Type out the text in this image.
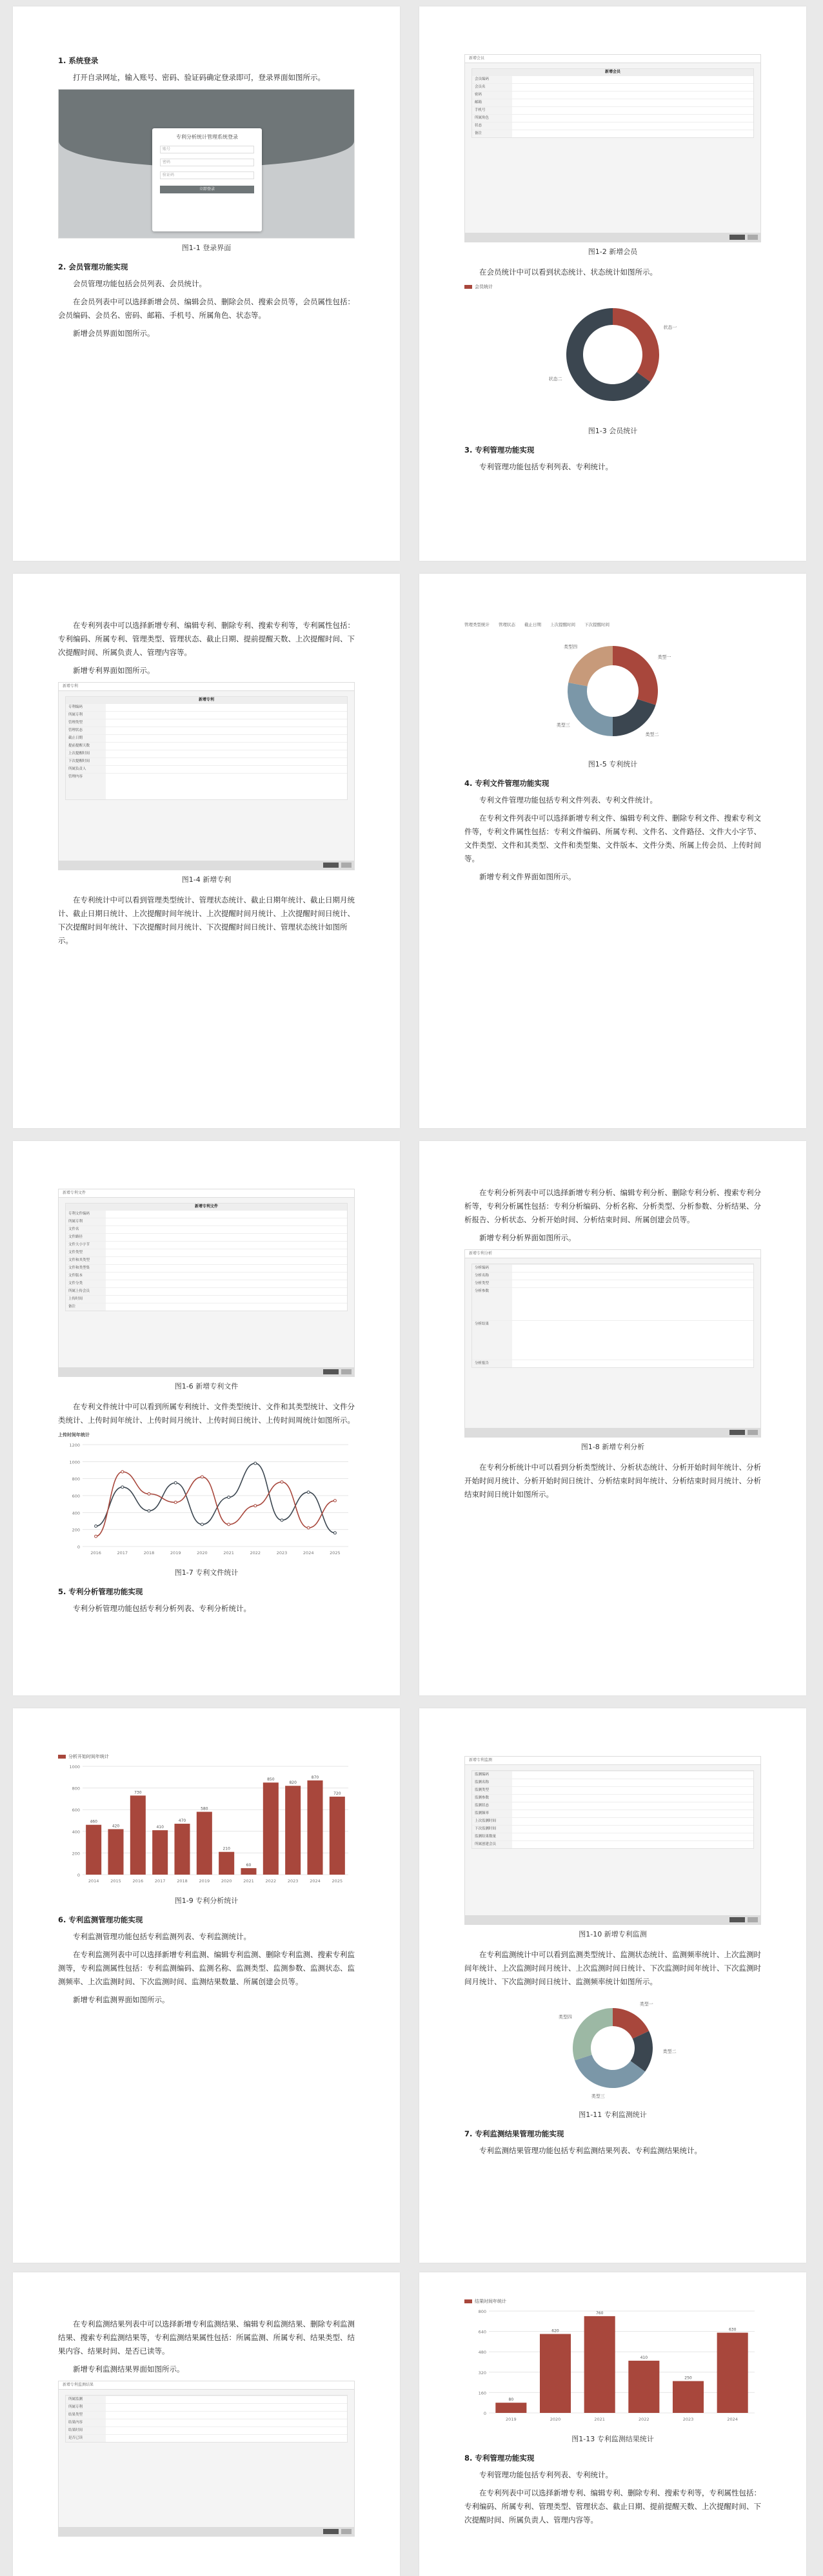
1. 系统登录

打开自录网址，输入账号、密码、验证码确定登录即可，登录界面如图所示。

专利分析统计管理系统登录
账号
密码
验证码
立即登录
图1-1 登录界面
2. 会员管理功能实现

会员管理功能包括会员列表、会员统计。

在会员列表中可以选择新增会员、编辑会员、删除会员、搜索会员等，会员属性包括：会员编码、会员名、密码、邮箱、手机号、所属角色、状态等。

新增会员界面如图所示。

新增会员
新增会员
会员编码
会员名
密码
邮箱
手机号
所属角色
状态
备注
图1-2 新增会员

在会员统计中可以看到状态统计、状态统计如图所示。

会员统计
状态一
状态二
图1-3 会员统计
3. 专利管理功能实现

专利管理功能包括专利列表、专利统计。

在专利列表中可以选择新增专利、编辑专利、删除专利、搜索专利等，专利属性包括：专利编码、所属专利、管理类型、管理状态、截止日期、提前提醒天数、上次提醒时间、下次提醒时间、所属负责人、管理内容等。

新增专利界面如图所示。

新增专利
新增专利
专利编码
所属专利
管理类型
管理状态
截止日期
提前提醒天数
上次提醒时间
下次提醒时间
所属负责人
管理内容
图1-4 新增专利

在专利统计中可以看到管理类型统计、管理状态统计、截止日期年统计、截止日期月统计、截止日期日统计、上次提醒时间年统计、上次提醒时间月统计、上次提醒时间日统计、下次提醒时间年统计、下次提醒时间月统计、下次提醒时间日统计、管理状态统计如图所示。

管理类型统计 管理状态 截止日期 上次提醒时间 下次提醒时间
类型一
类型二
类型三
类型四
图1-5 专利统计
4. 专利文件管理功能实现

专利文件管理功能包括专利文件列表、专利文件统计。

在专利文件列表中可以选择新增专利文件、编辑专利文件、删除专利文件、搜索专利文件等，专利文件属性包括：专利文件编码、所属专利、文件名、文件路径、文件大小字节、文件类型、文件和其类型、文件和类型集、文件版本、文件分类、所属上传会员、上传时间等。

新增专利文件界面如图所示。

新增专利文件
新增专利文件
专利文件编码
所属专利
文件名
文件路径
文件大小字节
文件类型
文件和其类型
文件和类型集
文件版本
文件分类
所属上传会员
上传时间
备注
图1-6 新增专利文件

在专利文件统计中可以看到所属专利统计、文件类型统计、文件和其类型统计、文件分类统计、上传时间年统计、上传时间月统计、上传时间日统计、上传时间周统计如图所示。

上传时间年统计
0
200
400
600
800
1000
1200
2016	2017	2018	2019	2020	2021	2022	2023	2024	2025
图1-7 专利文件统计
5. 专利分析管理功能实现

专利分析管理功能包括专利分析列表、专利分析统计。

在专利分析列表中可以选择新增专利分析、编辑专利分析、删除专利分析、搜索专利分析等，专利分析属性包括：专利分析编码、分析名称、分析类型、分析参数、分析结果、分析报告、分析状态、分析开始时间、分析结束时间、所属创建会员等。

新增专利分析界面如图所示。

新增专利分析
分析编码
分析名称
分析类型
分析参数
分析结果
分析报告
图1-8 新增专利分析

在专利分析统计中可以看到分析类型统计、分析状态统计、分析开始时间年统计、分析开始时间月统计、分析开始时间日统计、分析结束时间年统计、分析结束时间月统计、分析结束时间日统计如图所示。

分析开始时间年统计
0
200
400
600
800
1000
460
2014
420
2015
730
2016
410
2017
470
2018
580
2019
210
2020
60
2021
850
2022
820
2023
870
2024
720
2025
图1-9 专利分析统计
6. 专利监测管理功能实现

专利监测管理功能包括专利监测列表、专利监测统计。

在专利监测列表中可以选择新增专利监测、编辑专利监测、删除专利监测、搜索专利监测等，专利监测属性包括：专利监测编码、监测名称、监测类型、监测参数、监测状态、监测频率、上次监测时间、下次监测时间、监测结果数量、所属创建会员等。

新增专利监测界面如图所示。

新增专利监测
监测编码
监测名称
监测类型
监测参数
监测状态
监测频率
上次监测时间
下次监测时间
监测结果数量
所属创建会员
图1-10 新增专利监测

在专利监测统计中可以看到监测类型统计、监测状态统计、监测频率统计、上次监测时间年统计、上次监测时间月统计、上次监测时间日统计、下次监测时间年统计、下次监测时间月统计、下次监测时间日统计、监测频率统计如图所示。

类型一
类型二
类型三
类型四
图1-11 专利监测统计
7. 专利监测结果管理功能实现

专利监测结果管理功能包括专利监测结果列表、专利监测结果统计。

在专利监测结果列表中可以选择新增专利监测结果、编辑专利监测结果、删除专利监测结果、搜索专利监测结果等，专利监测结果属性包括：所属监测、所属专利、结果类型、结果内容、结果时间、是否已读等。

新增专利监测结果界面如图所示。

新增专利监测结果
所属监测
所属专利
结果类型
结果内容
结果时间
是否已读
结果时间年统计
0
160
320
480
640
800
80
2019
620
2020
760
2021
410
2022
250
2023
630
2024
图1-13 专利监测结果统计
8. 专利管理功能实现

专利管理功能包括专利列表、专利统计。

在专利列表中可以选择新增专利、编辑专利、删除专利、搜索专利等，专利属性包括：专利编码、所属专利、管理类型、管理状态、截止日期、提前提醒天数、上次提醒时间、下次提醒时间、所属负责人、管理内容等。
